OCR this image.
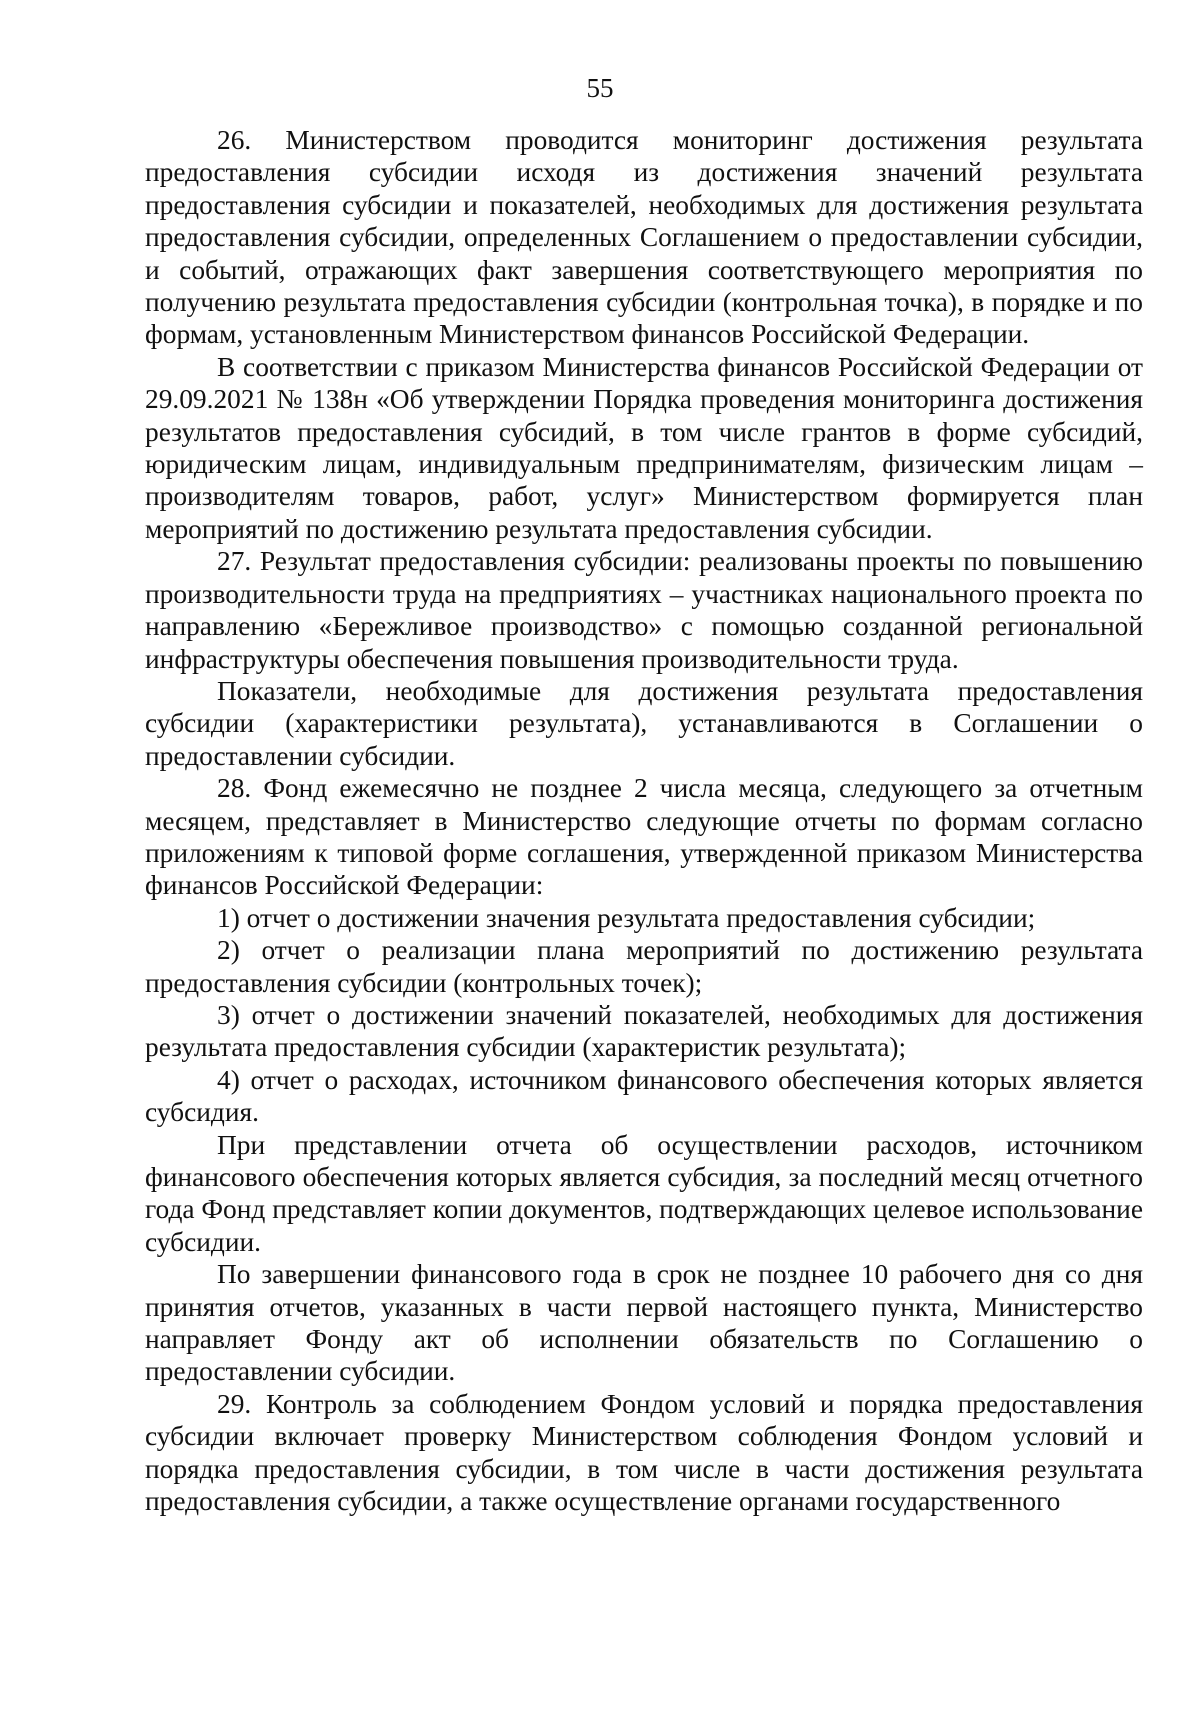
55

26. Министерством проводится мониторинг достижения результата предоставления субсидии исходя из достижения значений результата предоставления субсидии и показателей, необходимых для достижения результата предоставления субсидии, определенных Соглашением о предоставлении субсидии, и событий, отражающих факт завершения соответствующего мероприятия по получению результата предоставления субсидии (контрольная точка), в порядке и по формам, установленным Министерством финансов Российской Федерации.

В соответствии с приказом Министерства финансов Российской Федерации от 29.09.2021 № 138н «Об утверждении Порядка проведения мониторинга достижения результатов предоставления субсидий, в том числе грантов в форме субсидий, юридическим лицам, индивидуальным предпринимателям, физическим лицам – производителям товаров, работ, услуг» Министерством формируется план мероприятий по достижению результата предоставления субсидии.

27. Результат предоставления субсидии: реализованы проекты по повышению производительности труда на предприятиях – участниках национального проекта по направлению «Бережливое производство» с помощью созданной региональной инфраструктуры обеспечения повышения производительности труда.

Показатели, необходимые для достижения результата предоставления субсидии (характеристики результата), устанавливаются в Соглашении о предоставлении субсидии.

28. Фонд ежемесячно не позднее 2 числа месяца, следующего за отчетным месяцем, представляет в Министерство следующие отчеты по формам согласно приложениям к типовой форме соглашения, утвержденной приказом Министерства финансов Российской Федерации:

1) отчет о достижении значения результата предоставления субсидии;

2) отчет о реализации плана мероприятий по достижению результата предоставления субсидии (контрольных точек);

3) отчет о достижении значений показателей, необходимых для достижения результата предоставления субсидии (характеристик результата);

4) отчет о расходах, источником финансового обеспечения которых является субсидия.

При представлении отчета об осуществлении расходов, источником финансового обеспечения которых является субсидия, за последний месяц отчетного года Фонд представляет копии документов, подтверждающих целевое использование субсидии.

По завершении финансового года в срок не позднее 10 рабочего дня со дня принятия отчетов, указанных в части первой настоящего пункта, Министерство направляет Фонду акт об исполнении обязательств по Соглашению о предоставлении субсидии.

29. Контроль за соблюдением Фондом условий и порядка предоставления субсидии включает проверку Министерством соблюдения Фондом условий и порядка предоставления субсидии, в том числе в части достижения результата предоставления субсидии, а также осуществление органами государственного
